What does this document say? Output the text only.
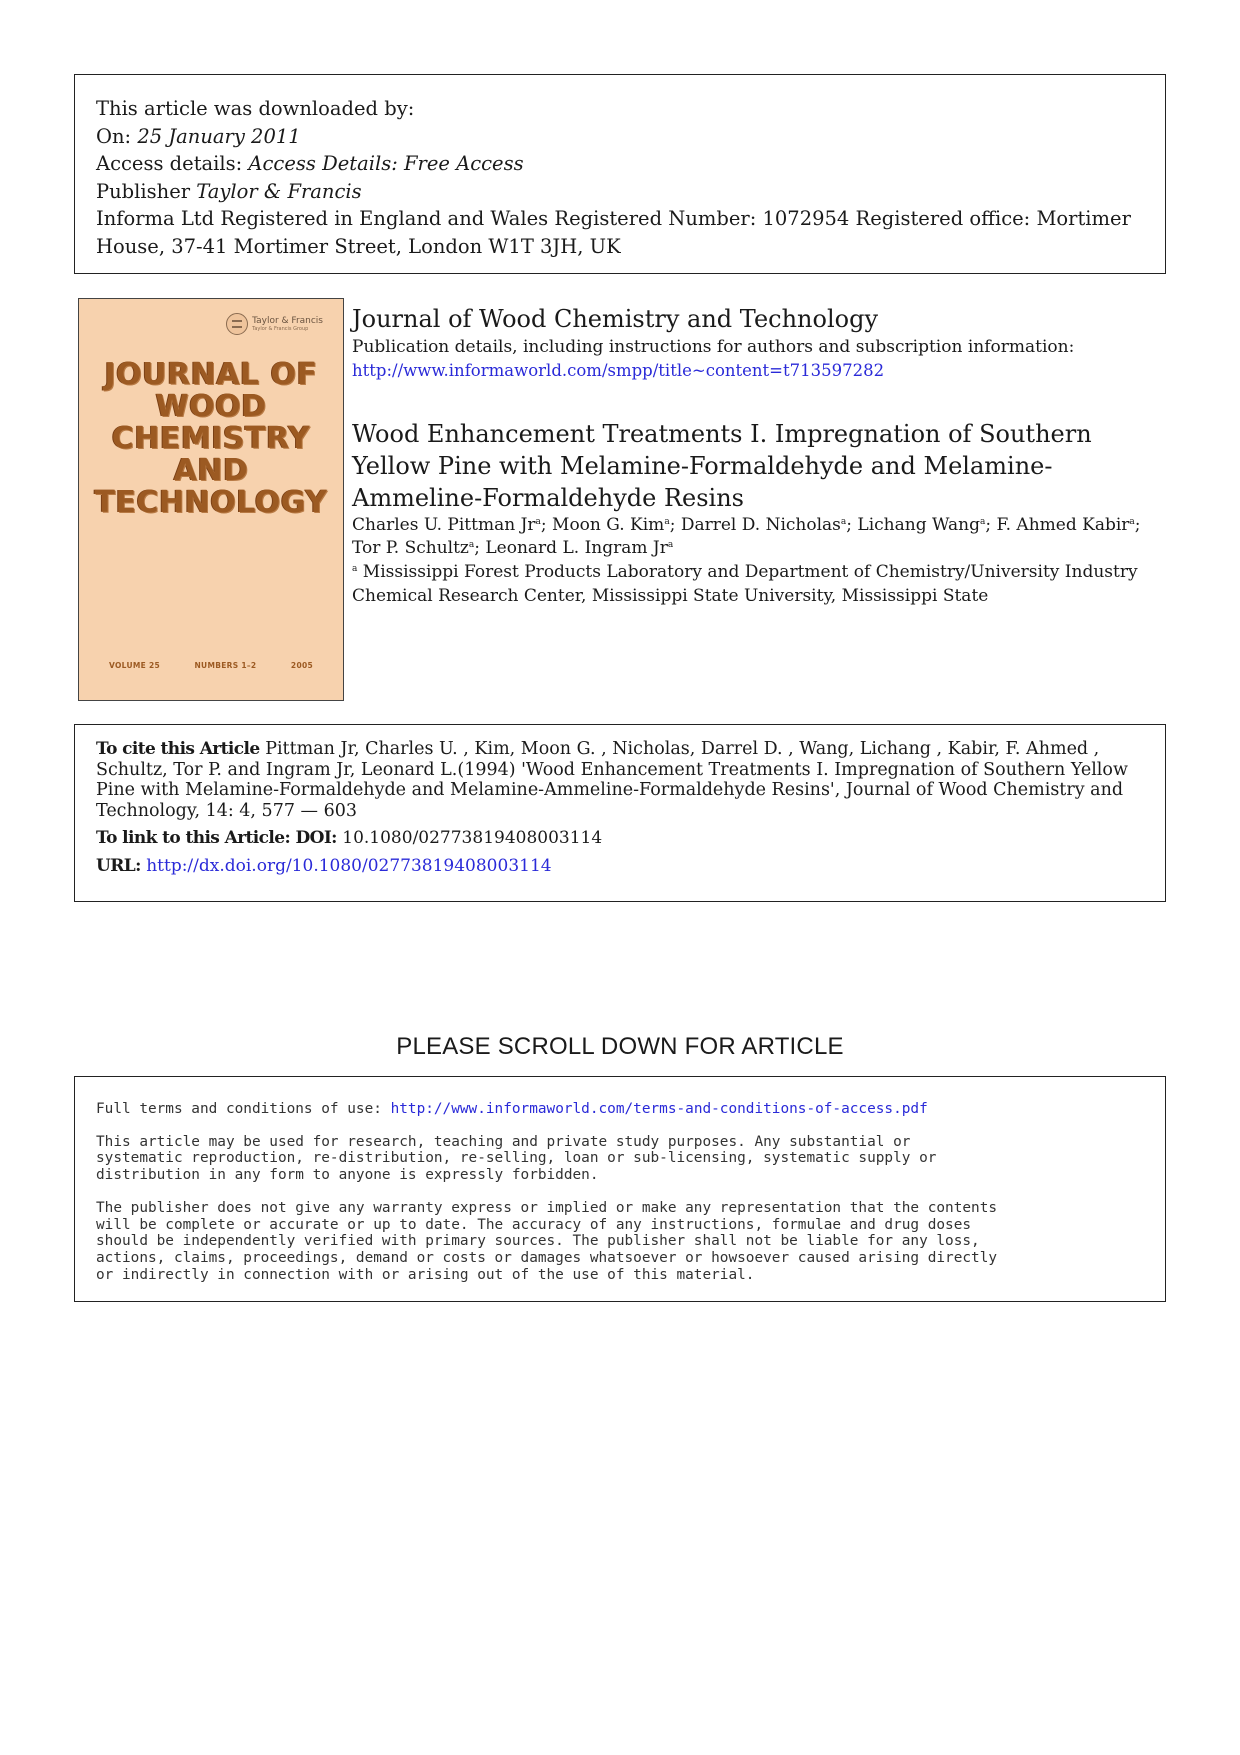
This article was downloaded by:
On: 25 January 2011
Access details: Access Details: Free Access
Publisher Taylor & Francis
Informa Ltd Registered in England and Wales Registered Number: 1072954 Registered office: Mortimer House, 37-41 Mortimer Street, London W1T 3JH, UK
Taylor & Francis
Taylor & Francis Group
JOURNAL OF
WOOD
CHEMISTRY
AND
TECHNOLOGY
VOLUME 25	NUMBERS 1–2	2005
Journal of Wood Chemistry and Technology
Publication details, including instructions for authors and subscription information:
http://www.informaworld.com/smpp/title~content=t713597282
Wood Enhancement Treatments I. Impregnation of Southern Yellow Pine with Melamine-Formaldehyde and Melamine-Ammeline-Formaldehyde Resins
Charles U. Pittman Jr$^a$; Moon G. Kim$^a$; Darrel D. Nicholas$^a$; Lichang Wang$^a$; F. Ahmed Kabir$^a$; Tor P. Schultz$^a$; Leonard L. Ingram Jr$^a$
$^a$ Mississippi Forest Products Laboratory and Department of Chemistry/University Industry Chemical Research Center, Mississippi State University, Mississippi State
To cite this Article Pittman Jr, Charles U. , Kim, Moon G. , Nicholas, Darrel D. , Wang, Lichang , Kabir, F. Ahmed , Schultz, Tor P. and Ingram Jr, Leonard L.(1994) 'Wood Enhancement Treatments I. Impregnation of Southern Yellow Pine with Melamine-Formaldehyde and Melamine-Ammeline-Formaldehyde Resins', Journal of Wood Chemistry and Technology, 14: 4, 577 — 603
To link to this Article: DOI: 10.1080/02773819408003114
URL: http://dx.doi.org/10.1080/02773819408003114
PLEASE SCROLL DOWN FOR ARTICLE

Full terms and conditions of use: http://www.informaworld.com/terms-and-conditions-of-access.pdf

This article may be used for research, teaching and private study purposes. Any substantial or
systematic reproduction, re-distribution, re-selling, loan or sub-licensing, systematic supply or
distribution in any form to anyone is expressly forbidden.

The publisher does not give any warranty express or implied or make any representation that the contents
will be complete or accurate or up to date. The accuracy of any instructions, formulae and drug doses
should be independently verified with primary sources. The publisher shall not be liable for any loss,
actions, claims, proceedings, demand or costs or damages whatsoever or howsoever caused arising directly
or indirectly in connection with or arising out of the use of this material.
